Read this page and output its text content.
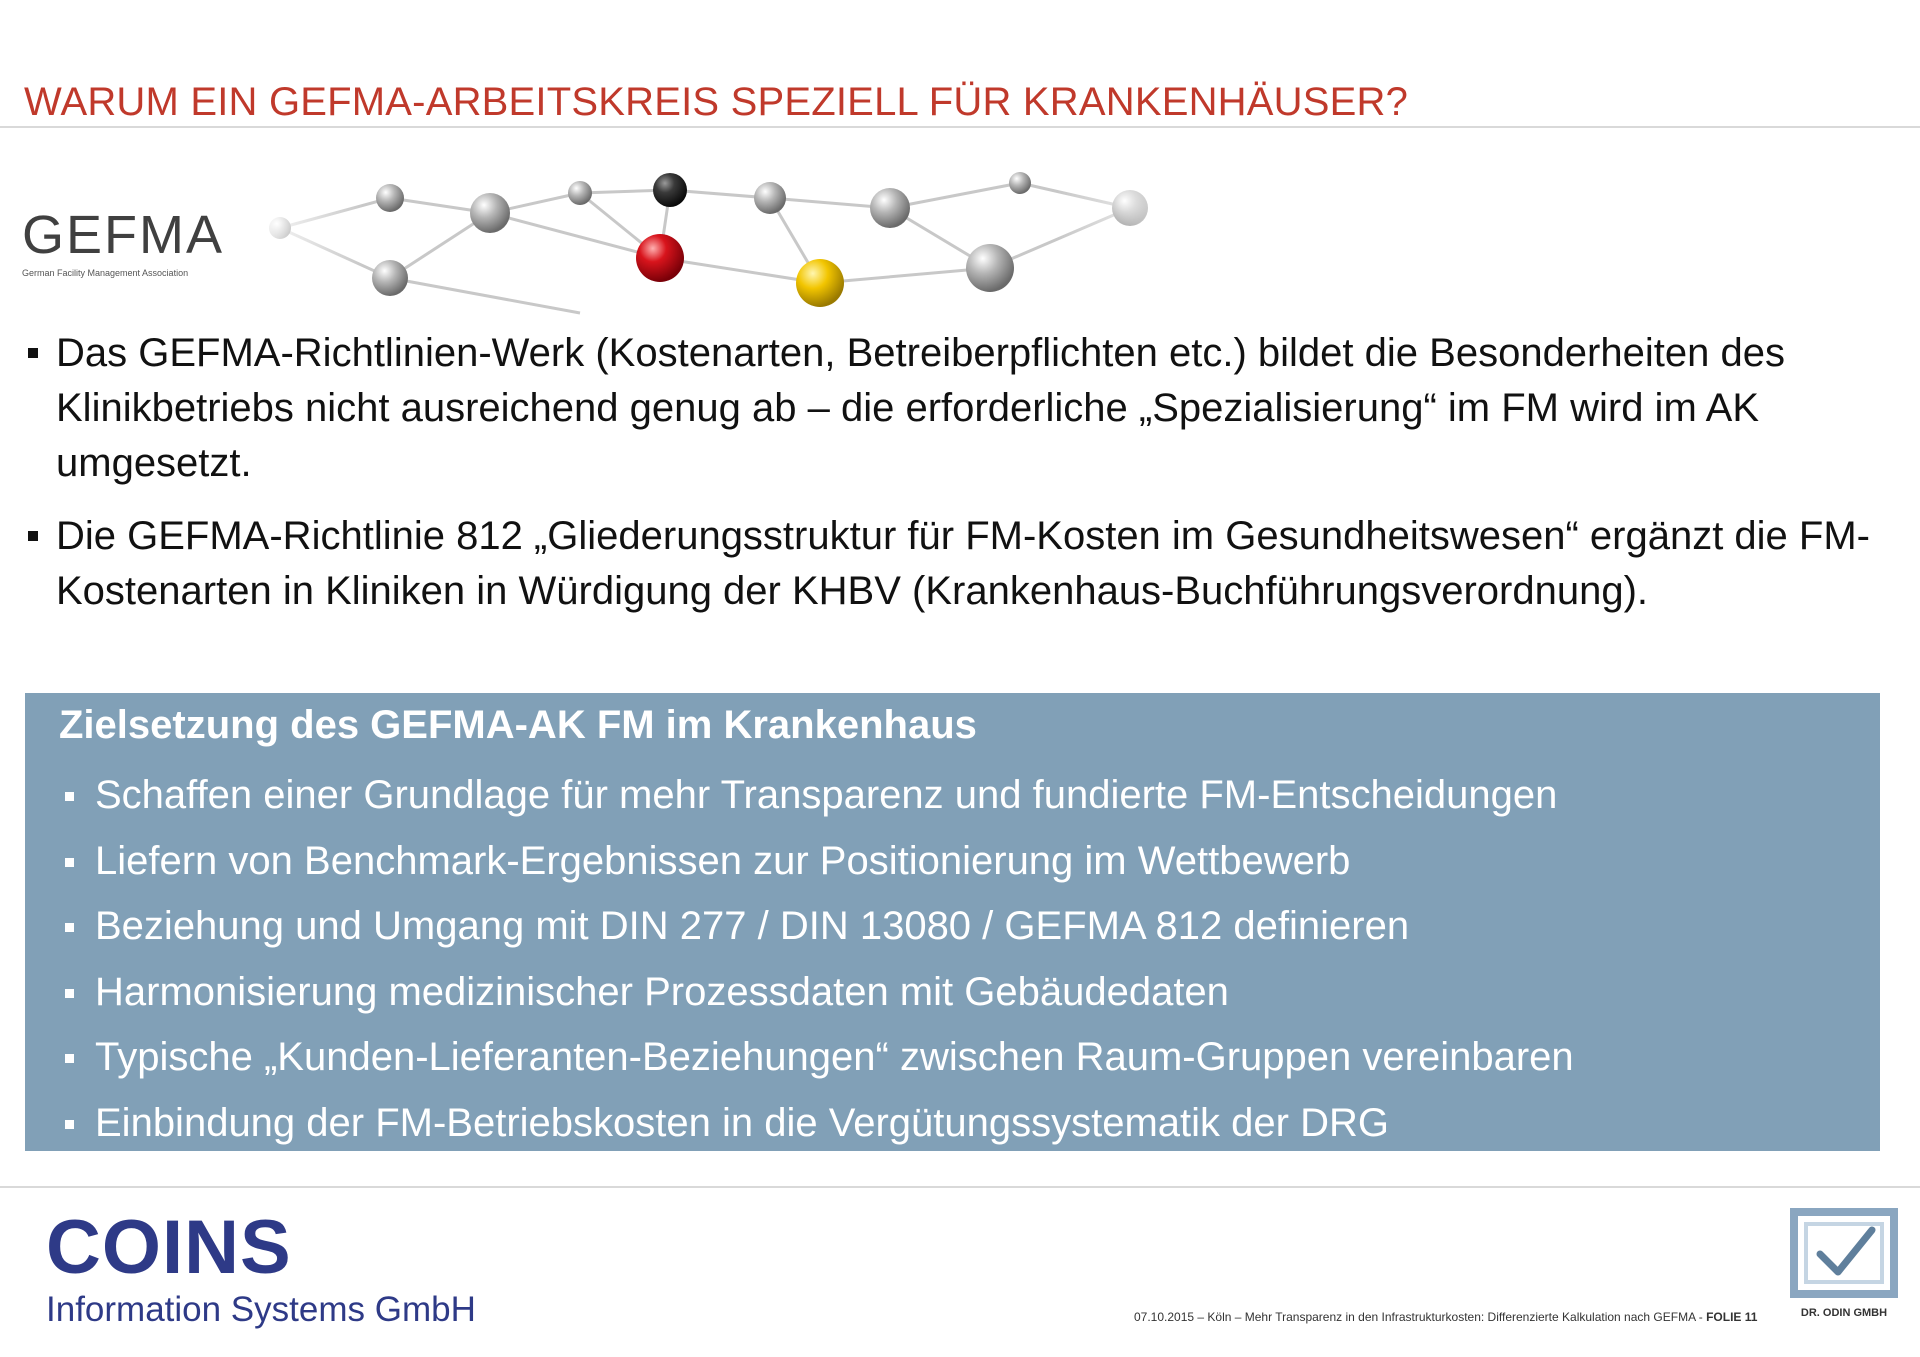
WARUM EIN GEFMA-ARBEITSKREIS SPEZIELL FÜR KRANKENHÄUSER?
GEFMA
German Facility Management Association
Das GEFMA-Richtlinien-Werk (Kostenarten, Betreiberpflichten etc.) bildet die Besonderheiten des Klinikbetriebs nicht ausreichend genug ab – die erforderliche „Spezialisierung“ im FM wird im AK umgesetzt.
Die GEFMA-Richtlinie 812 „Gliederungsstruktur für FM-Kosten im Gesundheitswesen“ ergänzt die FM-Kostenarten in Kliniken in Würdigung der KHBV (Krankenhaus-Buchführungsverordnung).
Zielsetzung des GEFMA-AK FM im Krankenhaus
Schaffen einer Grundlage für mehr Transparenz und fundierte FM-Entscheidungen
Liefern von Benchmark-Ergebnissen zur Positionierung im Wettbewerb
Beziehung und Umgang mit DIN 277 / DIN 13080 / GEFMA 812 definieren
Harmonisierung medizinischer Prozessdaten mit Gebäudedaten
Typische „Kunden-Lieferanten-Beziehungen“ zwischen Raum-Gruppen vereinbaren
Einbindung der FM-Betriebskosten in die Vergütungssystematik der DRG
COINS
Information Systems GmbH	07.10.2015 – Köln – Mehr Transparenz in den Infrastrukturkosten: Differenzierte Kalkulation nach GEFMA - FOLIE 11	DR. ODIN GMBH
